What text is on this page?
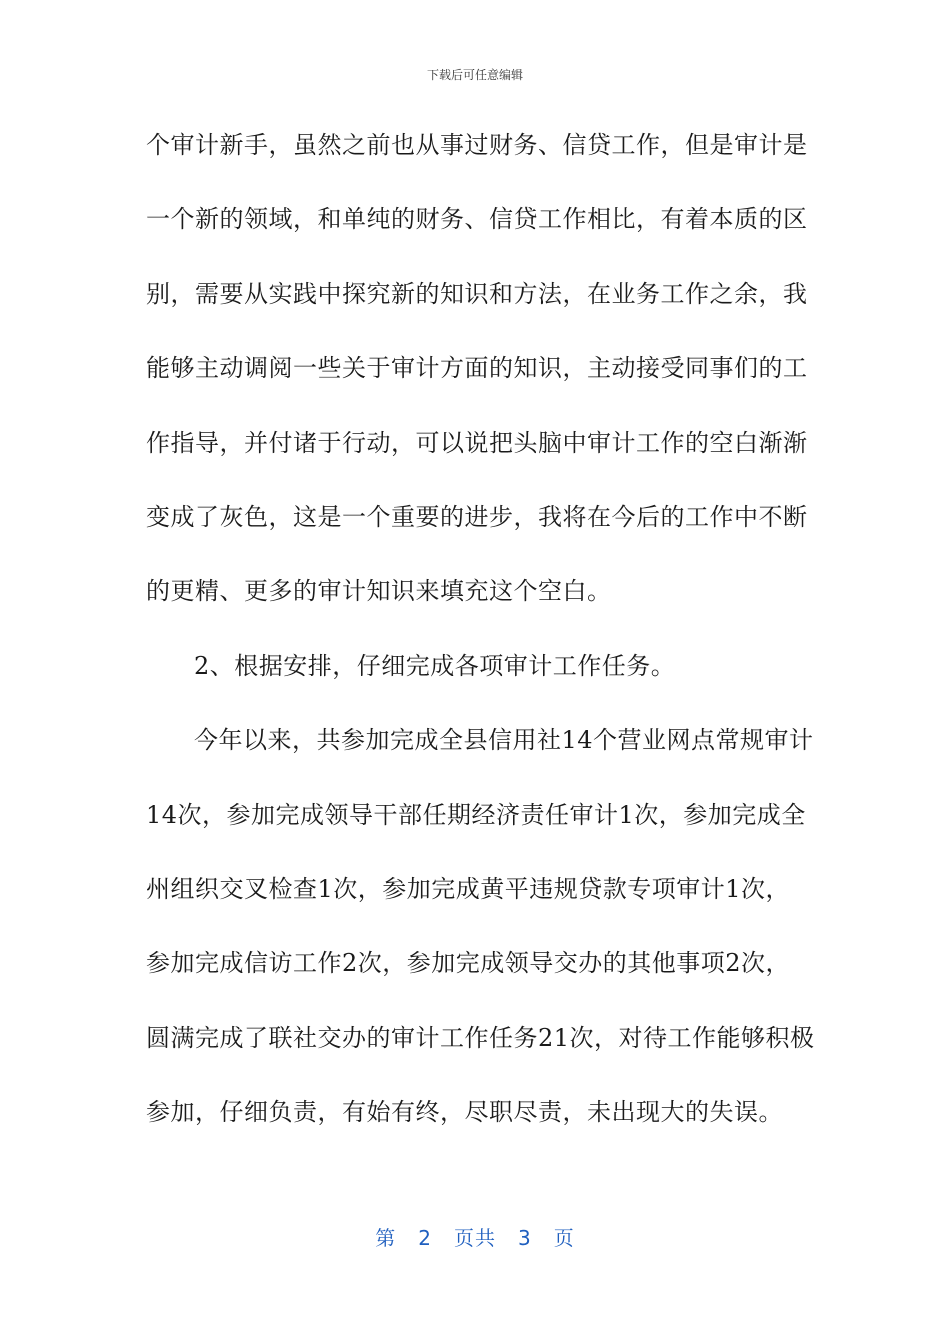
下载后可任意编辑
个审计新手，虽然之前也从事过财务、信贷工作，但是审计是
一个新的领域，和单纯的财务、信贷工作相比，有着本质的区
别，需要从实践中探究新的知识和方法，在业务工作之余，我
能够主动调阅一些关于审计方面的知识，主动接受同事们的工
作指导，并付诸于行动，可以说把头脑中审计工作的空白渐渐
变成了灰色，这是一个重要的进步，我将在今后的工作中不断
的更精、更多的审计知识来填充这个空白。
2、根据安排，仔细完成各项审计工作任务。
今年以来，共参加完成全县信用社14个营业网点常规审计
14次，参加完成领导干部任期经济责任审计1次，参加完成全
州组织交叉检查1次，参加完成黄平违规贷款专项审计1次，
参加完成信访工作2次，参加完成领导交办的其他事项2次，
圆满完成了联社交办的审计工作任务21次，对待工作能够积极
参加，仔细负责，有始有终，尽职尽责，未出现大的失误。
第 2 页共 3 页
